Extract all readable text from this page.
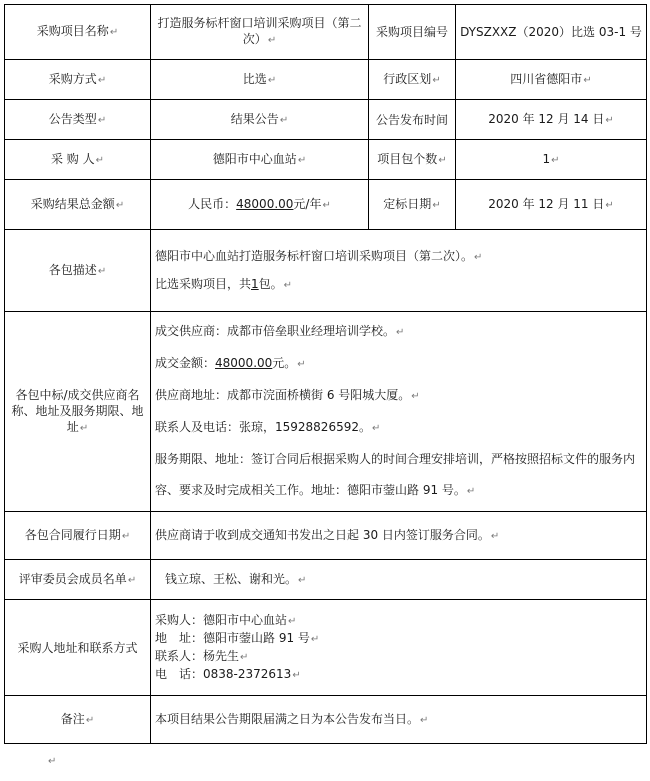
采购项目名称↵	打造服务标杆窗口培训采购项目（第二次）↵	采购项目编号	DYSZXXZ（2020）比选 03-1 号
采购方式↵	比选↵	行政区划↵	四川省德阳市↵
公告类型↵	结果公告↵	公告发布时间	2020 年 12 月 14 日↵
采 购 人↵	德阳市中心血站↵	项目包个数↵	1↵
采购结果总金额↵	人民币：48000.00元/年↵	定标日期↵	2020 年 12 月 11 日↵
各包描述↵	德阳市中心血站打造服务标杆窗口培训采购项目（第二次）。↵
比选采购项目，共1包。↵		

各包中标/成交供应商名称、地址及服务期限、地址↵	成交供应商：成都市倍垒职业经理培训学校。↵
成交金额：48000.00元。↵
供应商地址：成都市浣面桥横街 6 号阳城大厦。↵
联系人及电话：张琼，15928826592。↵
服务期限、地址：签订合同后根据采购人的时间合理安排培训，严格按照招标文件的服务内容、要求及时完成相关工作。地址：德阳市蓥山路 91 号。↵		

各包合同履行日期↵	供应商请于收到成交通知书发出之日起 30 日内签订服务合同。↵		
评审委员会成员名单↵	钱立琼、王松、谢和光。↵		
采购人地址和联系方式	采购人：德阳市中心血站↵
地　址：德阳市蓥山路 91 号↵
联系人：杨先生↵
电　话：0838-2372613↵		

备注↵	本项目结果公告期限届满之日为本公告发布当日。↵		
↵
